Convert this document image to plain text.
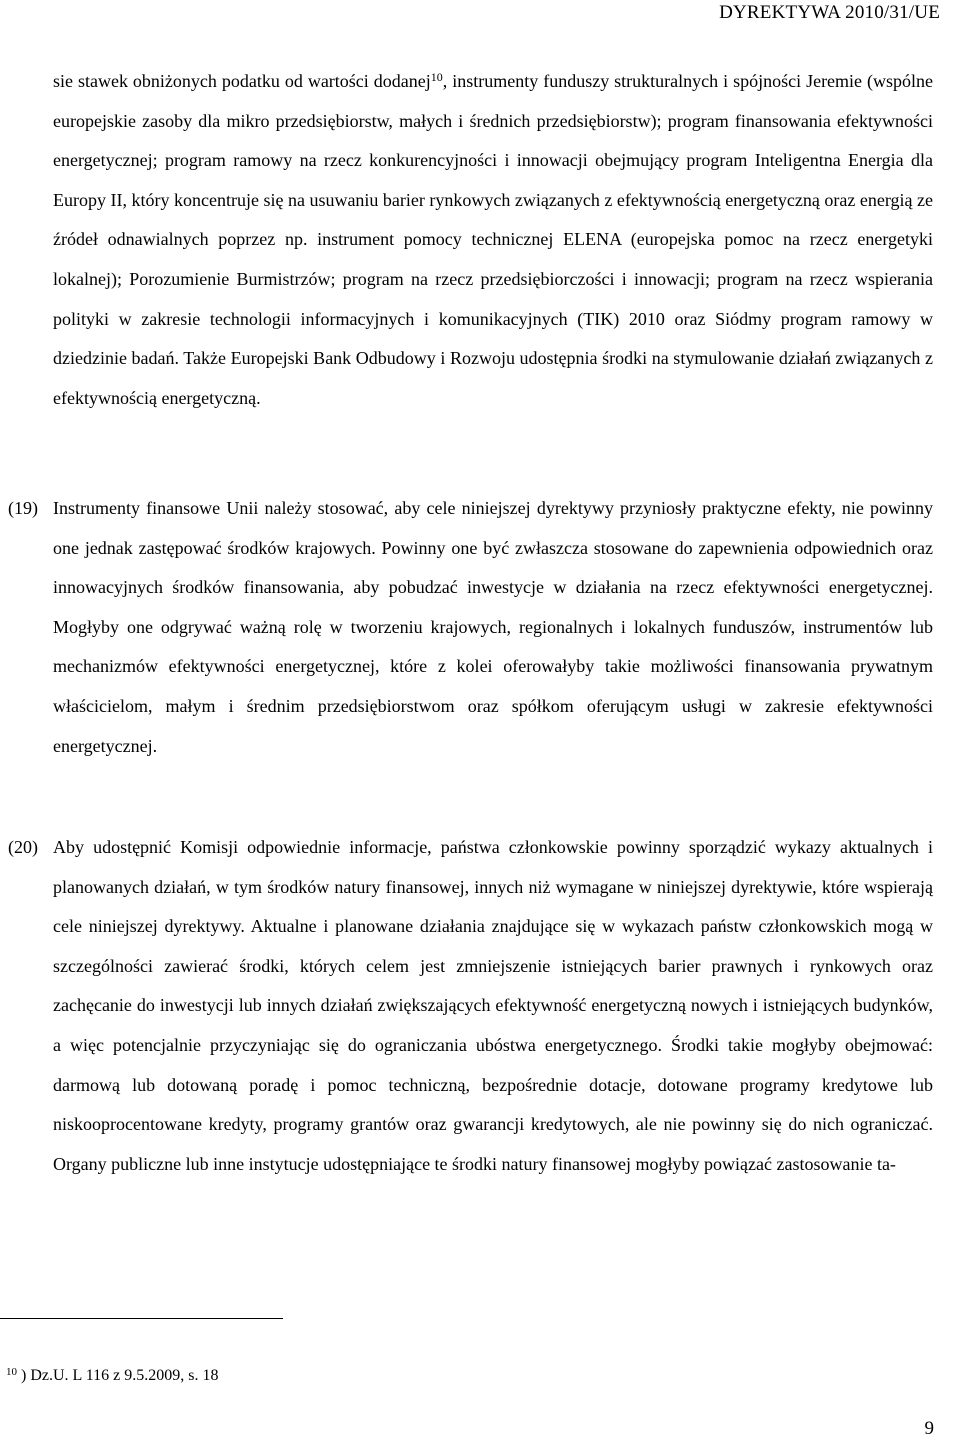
DYREKTYWA 2010/31/UE
sie stawek obniżonych podatku od wartości dodanej$^{10}$, instrumenty funduszy strukturalnych i spójności Jeremie (wspólne europejskie zasoby dla mikro przedsiębiorstw, małych i średnich przedsiębiorstw); program finansowania efektywności energetycznej; program ramowy na rzecz konkurencyjności i innowacji obejmujący program Inteligentna Energia dla Europy II, który koncentruje się na usuwaniu barier rynkowych związanych z efektywnością energetyczną oraz energią ze źródeł odnawialnych poprzez np. instrument pomocy technicznej ELENA (europejska pomoc na rzecz energetyki lokalnej); Porozumienie Burmistrzów; program na rzecz przedsiębiorczości i innowacji; program na rzecz wspierania polityki w zakresie technologii informacyjnych i komunikacyjnych (TIK) 2010 oraz Siódmy program ramowy w dziedzinie badań. Także Europejski Bank Odbudowy i Rozwoju udostępnia środki na stymulowanie działań związanych z efektywnością energetyczną.
(19) Instrumenty finansowe Unii należy stosować, aby cele niniejszej dyrektywy przyniosły praktyczne efekty, nie powinny one jednak zastępować środków krajowych. Powinny one być zwłaszcza stosowane do zapewnienia odpowiednich oraz innowacyjnych środków finansowania, aby pobudzać inwestycje w działania na rzecz efektywności energetycznej. Mogłyby one odgrywać ważną rolę w tworzeniu krajowych, regionalnych i lokalnych funduszów, instrumentów lub mechanizmów efektywności energetycznej, które z kolei oferowałyby takie możliwości finansowania prywatnym właścicielom, małym i średnim przedsiębiorstwom oraz spółkom oferującym usługi w zakresie efektywności energetycznej.
(20) Aby udostępnić Komisji odpowiednie informacje, państwa członkowskie powinny sporządzić wykazy aktualnych i planowanych działań, w tym środków natury finansowej, innych niż wymagane w niniejszej dyrektywie, które wspierają cele niniejszej dyrektywy. Aktualne i planowane działania znajdujące się w wykazach państw członkowskich mogą w szczególności zawierać środki, których celem jest zmniejszenie istniejących barier prawnych i rynkowych oraz zachęcanie do inwestycji lub innych działań zwiększających efektywność energetyczną nowych i istniejących budynków, a więc potencjalnie przyczyniając się do ograniczania ubóstwa energetycznego. Środki takie mogłyby obejmować: darmową lub dotowaną poradę i pomoc techniczną, bezpośrednie dotacje, dotowane programy kredytowe lub niskooprocentowane kredyty, programy grantów oraz gwarancji kredytowych, ale nie powinny się do nich ograniczać. Organy publiczne lub inne instytucje udostępniające te środki natury finansowej mogłyby powiązać zastosowanie ta-
$^{10}$ ) Dz.U. L 116 z 9.5.2009, s. 18
9
